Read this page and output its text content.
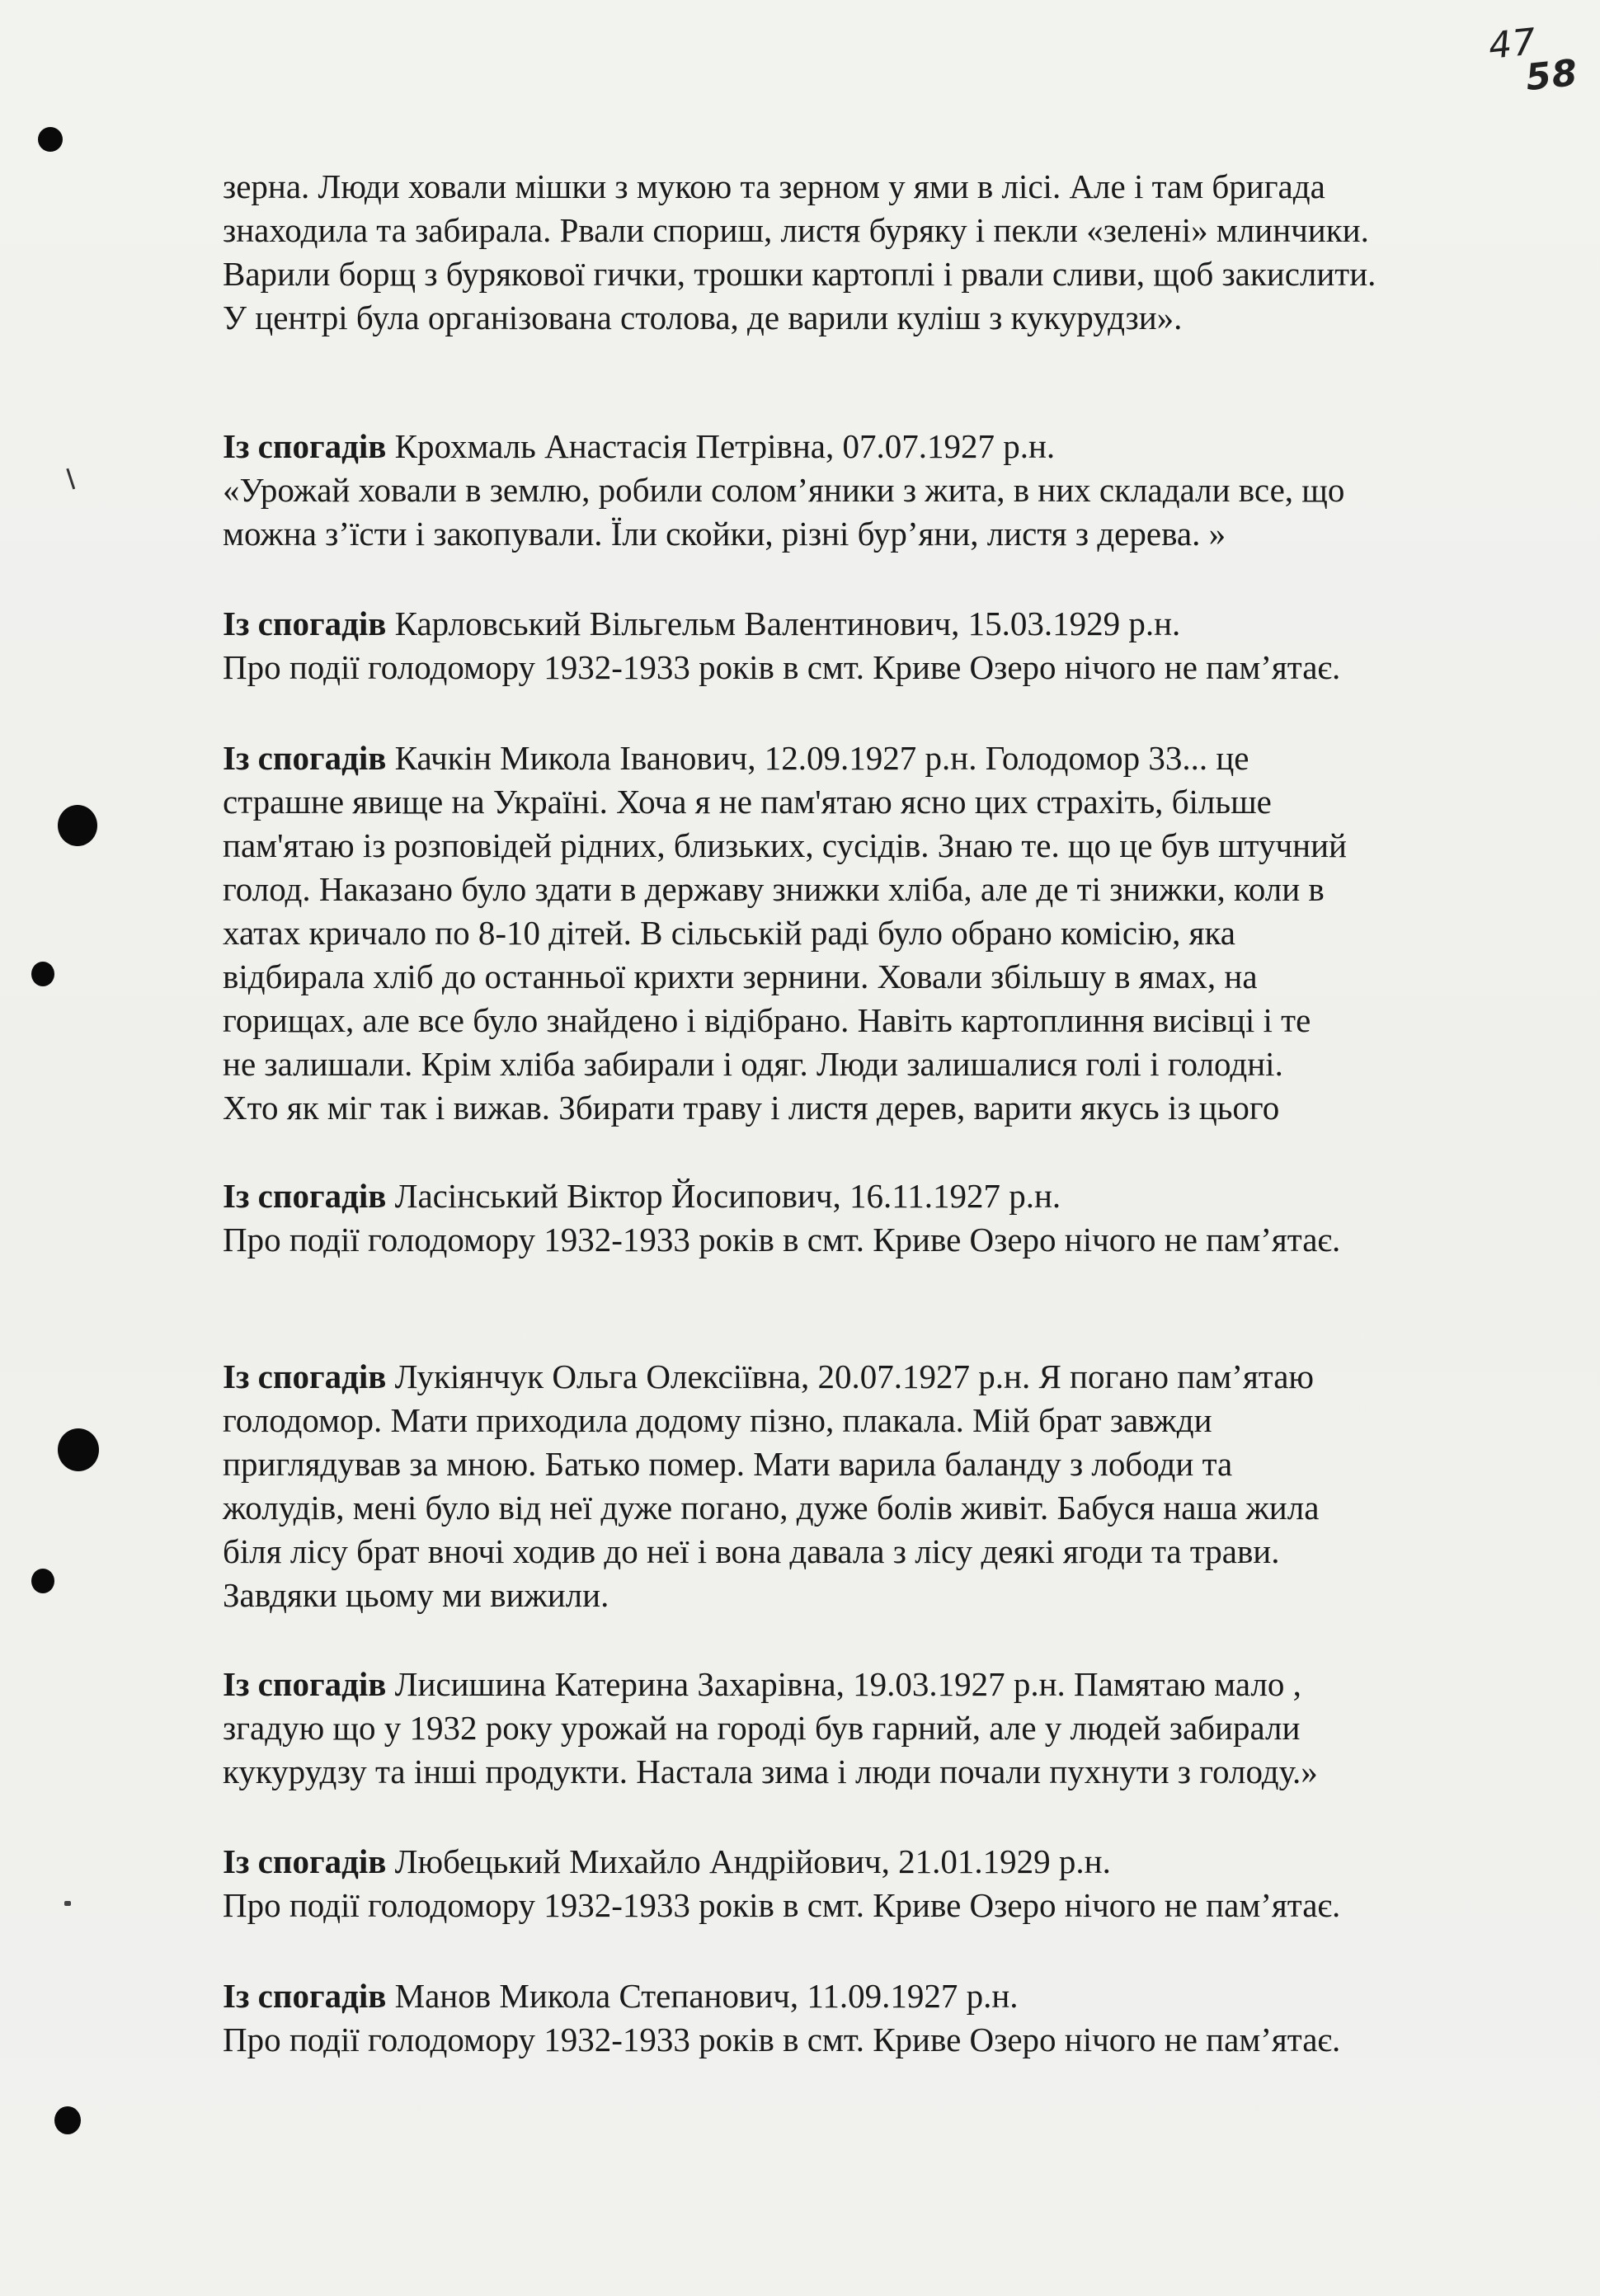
47
58
зерна. Люди ховали мішки з мукою та зерном у ями в лісі. Але і там бригада
знаходила та забирала. Рвали спориш, листя буряку і пекли «зелені» млинчики.
Варили борщ з бурякової гички, трошки картоплі і рвали сливи, щоб закислити.
У центрі була організована столова, де варили куліш з кукурудзи».
Із спогадів Крохмаль Анастасія Петрівна, 07.07.1927 р.н.
«Урожай ховали в землю, робили солом’яники з жита, в них складали все, що
можна з’їсти і закопували. Їли скойки, різні бур’яни, листя з дерева. »
Із спогадів Карловський Вільгельм Валентинович, 15.03.1929 р.н.
Про події голодомору 1932-1933 років в смт. Криве Озеро нічого не пам’ятає.
Із спогадів Качкін Микола Іванович, 12.09.1927 р.н. Голодомор 33... це
страшне явище на Україні. Хоча я не пам'ятаю ясно цих страхіть, більше
пам'ятаю із розповідей рідних, близьких, сусідів. Знаю те. що це був штучний
голод. Наказано було здати в державу знижки хліба, але де ті знижки, коли в
хатах кричало по 8-10 дітей. В сільській раді було обрано комісію, яка
відбирала хліб до останньої крихти зернини. Ховали збільшу в ямах, на
горищах, але все було знайдено і відібрано. Навіть картоплиння висівці і те
не залишали. Крім хліба забирали і одяг. Люди залишалися голі і голодні.
Хто як міг так і вижав. Збирати траву і листя дерев, варити якусь із цього
Із спогадів Ласінський Віктор Йосипович, 16.11.1927 р.н.
Про події голодомору 1932-1933 років в смт. Криве Озеро нічого не пам’ятає.
Із спогадів Лукіянчук Ольга Олексіївна, 20.07.1927 р.н. Я погано пам’ятаю
голодомор. Мати приходила додому пізно, плакала. Мій брат завжди
приглядував за мною. Батько помер. Мати варила баланду з лободи та
жолудів, мені було від неї дуже погано, дуже болів живіт. Бабуся наша жила
біля лісу брат вночі ходив до неї і вона давала з лісу деякі ягоди та трави.
Завдяки цьому ми вижили.
Із спогадів Лисишина Катерина Захарівна, 19.03.1927 р.н. Памятаю мало ,
згадую що у 1932 року урожай на городі був гарний, але у людей забирали
кукурудзу та інші продукти. Настала зима і люди почали пухнути з голоду.»
Із спогадів Любецький Михайло Андрійович, 21.01.1929 р.н.
Про події голодомору 1932-1933 років в смт. Криве Озеро нічого не пам’ятає.
Із спогадів Манов Микола Степанович, 11.09.1927 р.н.
Про події голодомору 1932-1933 років в смт. Криве Озеро нічого не пам’ятає.
